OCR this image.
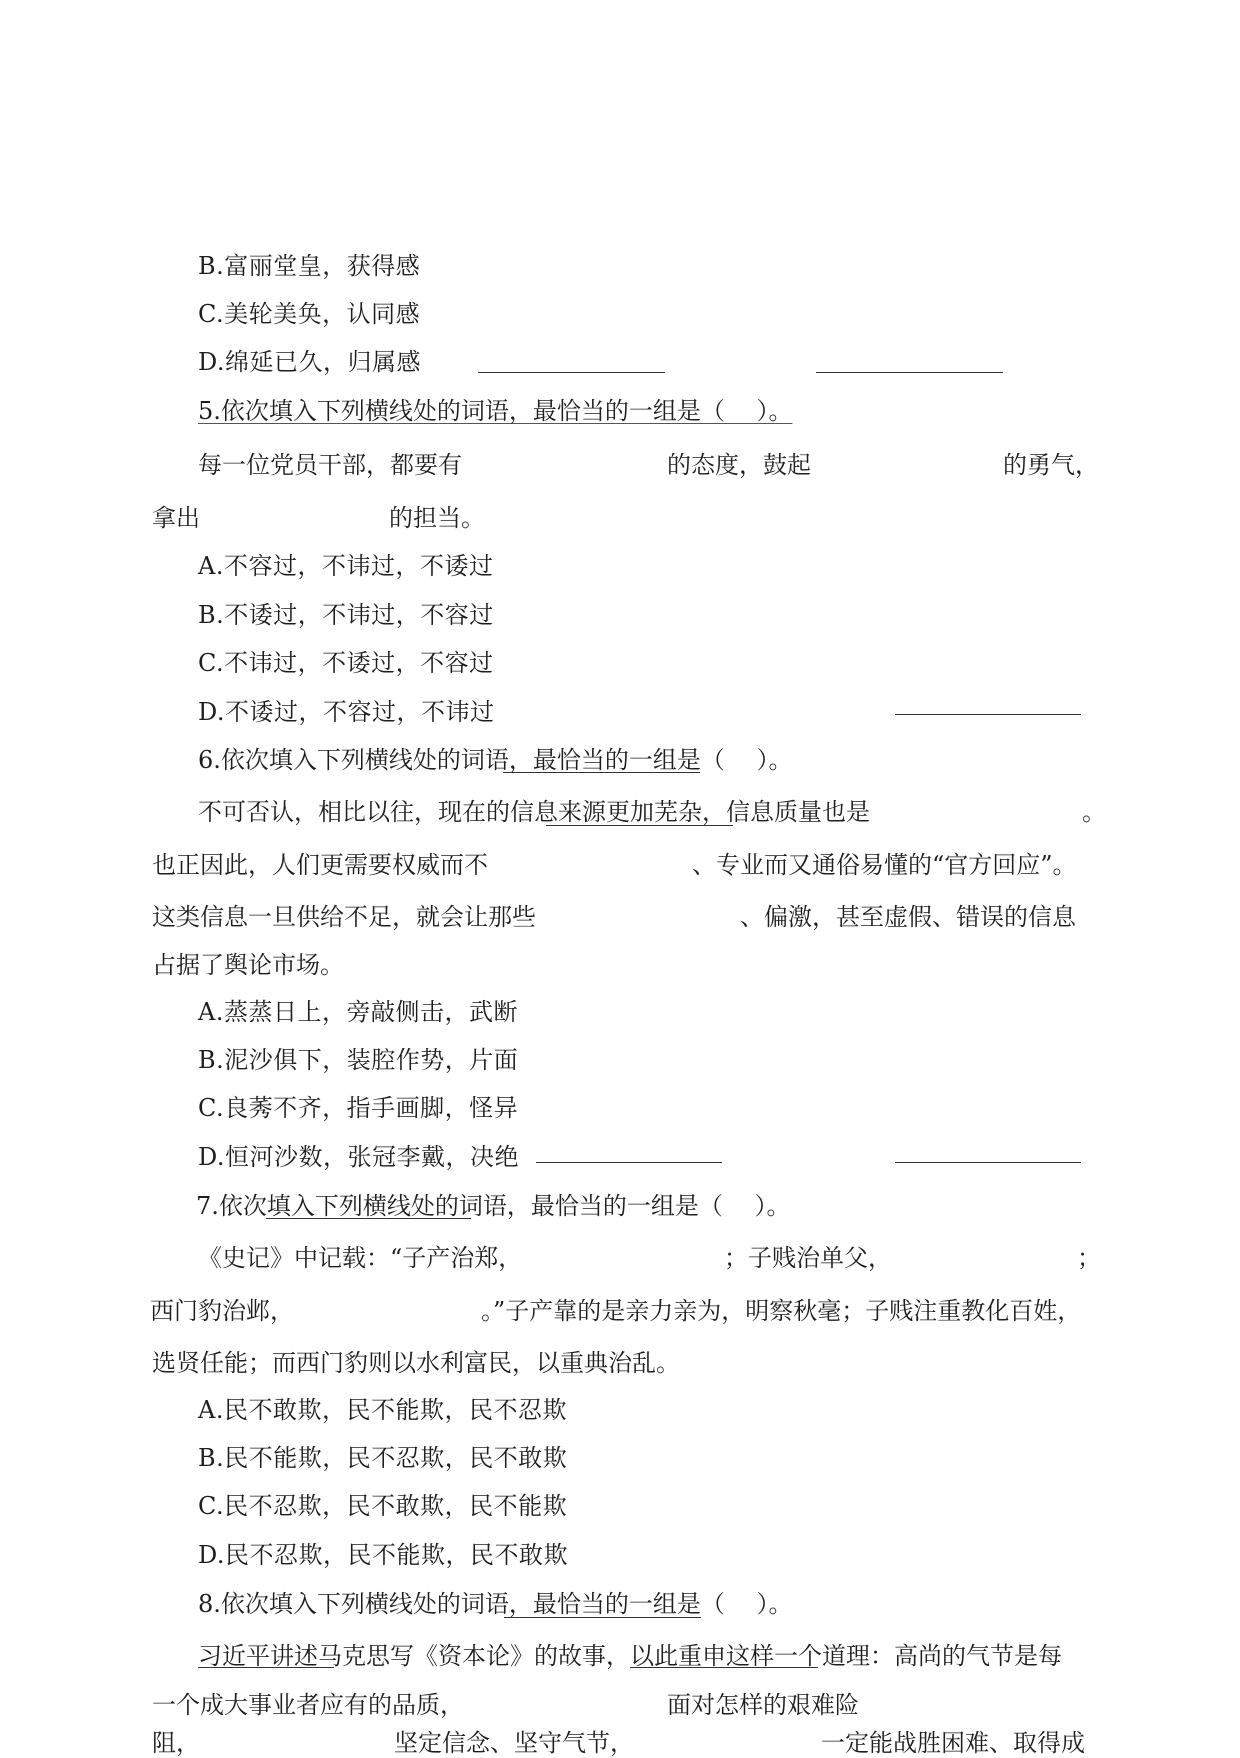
B.富丽堂皇，获得感
C.美轮美奂，认同感
D.绵延已久，归属感
5.依次填入下列横线处的词语，最恰当的一组是（　 ）。
每一位党员干部，都要有	的态度，鼓起	的勇气，
拿出	的担当。
A.不容过，不讳过，不诿过
B.不诿过，不讳过，不容过
C.不讳过，不诿过，不容过
D.不诿过，不容过，不讳过
6.依次填入下列横线处的词语，最恰当的一组是（　 ）。
不可否认，相比以往，现在的信息来源更加芜杂，信息质量也是	。
也正因此，人们更需要权威而不	、专业而又通俗易懂的“官方回应”。
这类信息一旦供给不足，就会让那些	、偏激，甚至虚假、错误的信息
占据了舆论市场。
A.蒸蒸日上，旁敲侧击，武断
B.泥沙俱下，装腔作势，片面
C.良莠不齐，指手画脚，怪异
D.恒河沙数，张冠李戴，决绝
7.依次填入下列横线处的词语，最恰当的一组是（　 ）。
《史记》中记载：“子产治郑，	；子贱治单父，	；
西门豹治邺，	。”子产靠的是亲力亲为，明察秋毫；子贱注重教化百姓，
选贤任能；而西门豹则以水利富民，以重典治乱。
A.民不敢欺，民不能欺，民不忍欺
B.民不能欺，民不忍欺，民不敢欺
C.民不忍欺，民不敢欺，民不能欺
D.民不忍欺，民不能欺，民不敢欺
8.依次填入下列横线处的词语，最恰当的一组是（　 ）。
习近平讲述马克思写《资本论》的故事，以此重申这样一个道理：高尚的气节是每
一个成大事业者应有的品质，	面对怎样的艰难险
阻，	坚定信念、坚守气节，	一定能战胜困难、取得成
